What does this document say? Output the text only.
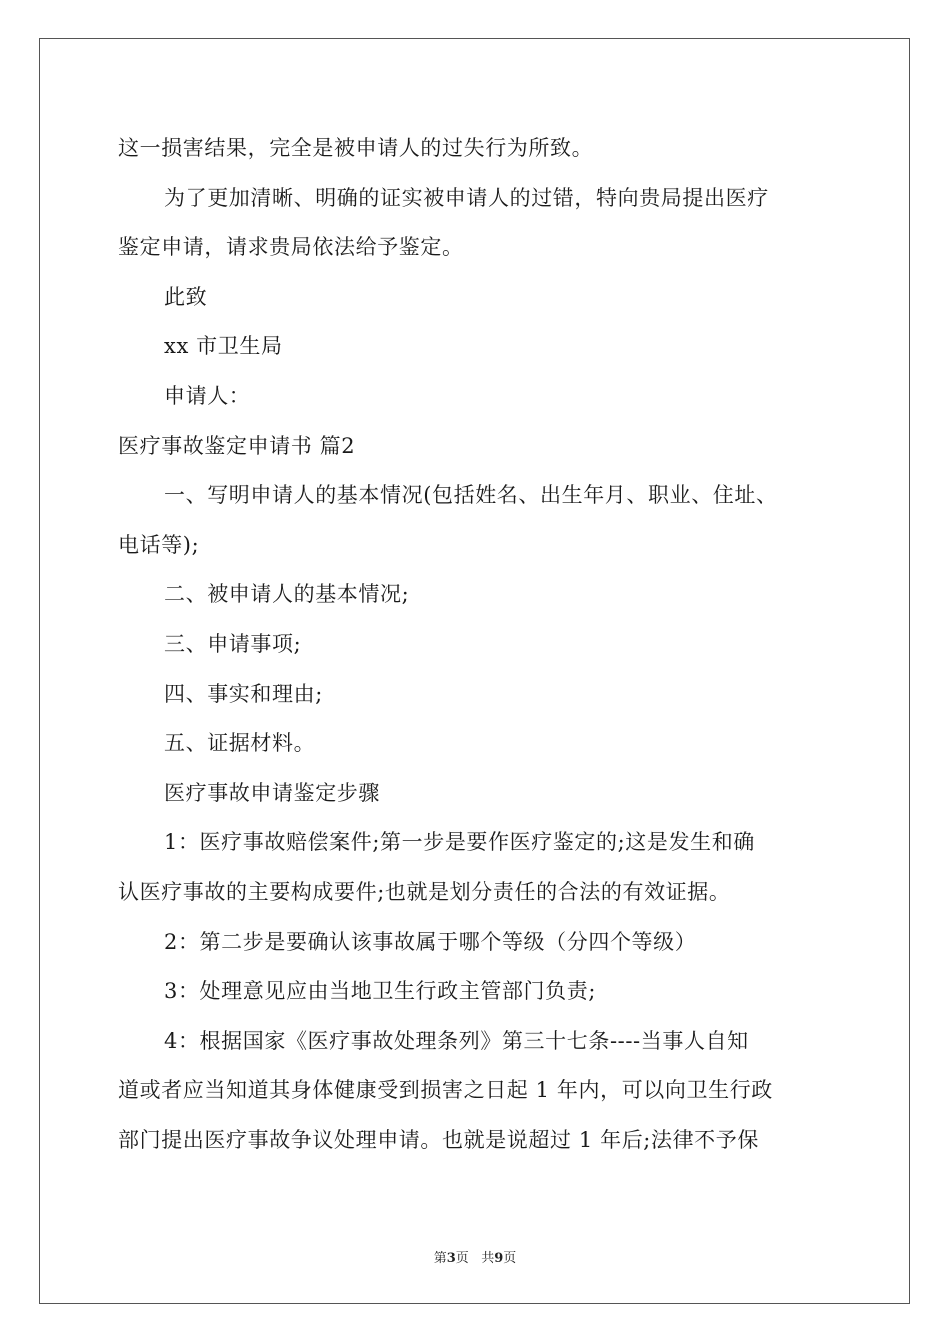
这一损害结果，完全是被申请人的过失行为所致。
为了更加清晰、明确的证实被申请人的过错，特向贵局提出医疗
鉴定申请，请求贵局依法给予鉴定。
此致
xx 市卫生局
申请人：
医疗事故鉴定申请书 篇2
一、写明申请人的基本情况(包括姓名、出生年月、职业、住址、
电话等);
二、被申请人的基本情况;
三、申请事项;
四、事实和理由;
五、证据材料。
医疗事故申请鉴定步骤
1：医疗事故赔偿案件;第一步是要作医疗鉴定的;这是发生和确
认医疗事故的主要构成要件;也就是划分责任的合法的有效证据。
2：第二步是要确认该事故属于哪个等级（分四个等级）
3：处理意见应由当地卫生行政主管部门负责;
4：根据国家《医疗事故处理条列》第三十七条----当事人自知
道或者应当知道其身体健康受到损害之日起 1 年内，可以向卫生行政
部门提出医疗事故争议处理申请。也就是说超过 1 年后;法律不予保
第3页 共9页
